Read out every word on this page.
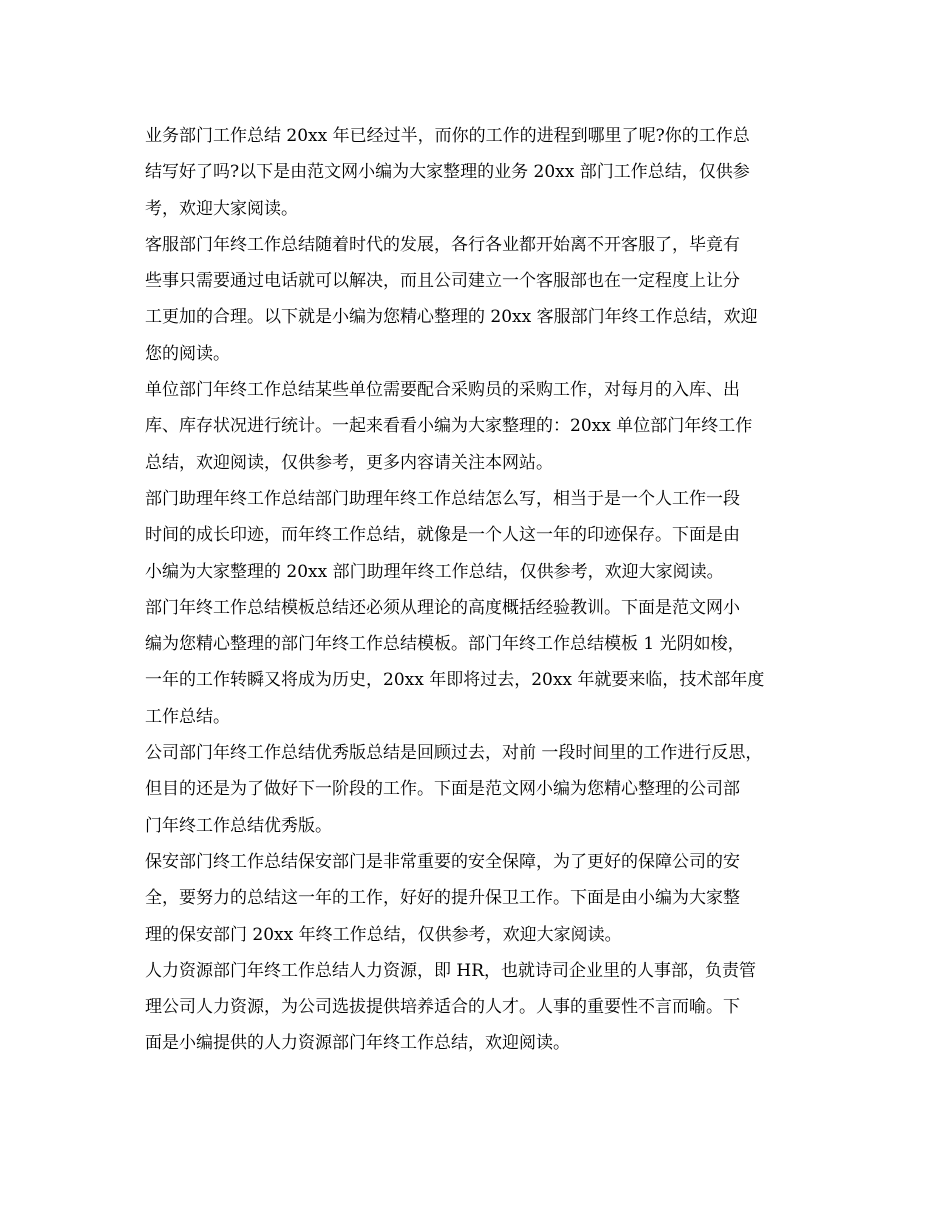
业务部门工作总结 20xx 年已经过半，而你的工作的进程到哪里了呢?你的工作总
结写好了吗?以下是由范文网小编为大家整理的业务 20xx 部门工作总结，仅供参
考，欢迎大家阅读。
客服部门年终工作总结随着时代的发展，各行各业都开始离不开客服了，毕竟有
些事只需要通过电话就可以解决，而且公司建立一个客服部也在一定程度上让分
工更加的合理。以下就是小编为您精心整理的 20xx 客服部门年终工作总结，欢迎
您的阅读。
单位部门年终工作总结某些单位需要配合采购员的采购工作，对每月的入库、出
库、库存状况进行统计。一起来看看小编为大家整理的：20xx 单位部门年终工作
总结，欢迎阅读，仅供参考，更多内容请关注本网站。
部门助理年终工作总结部门助理年终工作总结怎么写，相当于是一个人工作一段
时间的成长印迹，而年终工作总结，就像是一个人这一年的印迹保存。下面是由
小编为大家整理的 20xx 部门助理年终工作总结，仅供参考，欢迎大家阅读。
部门年终工作总结模板总结还必须从理论的高度概括经验教训。下面是范文网小
编为您精心整理的部门年终工作总结模板。部门年终工作总结模板 1 光阴如梭，
一年的工作转瞬又将成为历史，20xx 年即将过去，20xx 年就要来临，技术部年度
工作总结。
公司部门年终工作总结优秀版总结是回顾过去，对前 一段时间里的工作进行反思，
但目的还是为了做好下一阶段的工作。下面是范文网小编为您精心整理的公司部
门年终工作总结优秀版。
保安部门终工作总结保安部门是非常重要的安全保障，为了更好的保障公司的安
全，要努力的总结这一年的工作，好好的提升保卫工作。下面是由小编为大家整
理的保安部门 20xx 年终工作总结，仅供参考，欢迎大家阅读。
人力资源部门年终工作总结人力资源，即 HR，也就诗司企业里的人事部，负责管
理公司人力资源，为公司选拔提供培养适合的人才。人事的重要性不言而喻。下
面是小编提供的人力资源部门年终工作总结，欢迎阅读。
